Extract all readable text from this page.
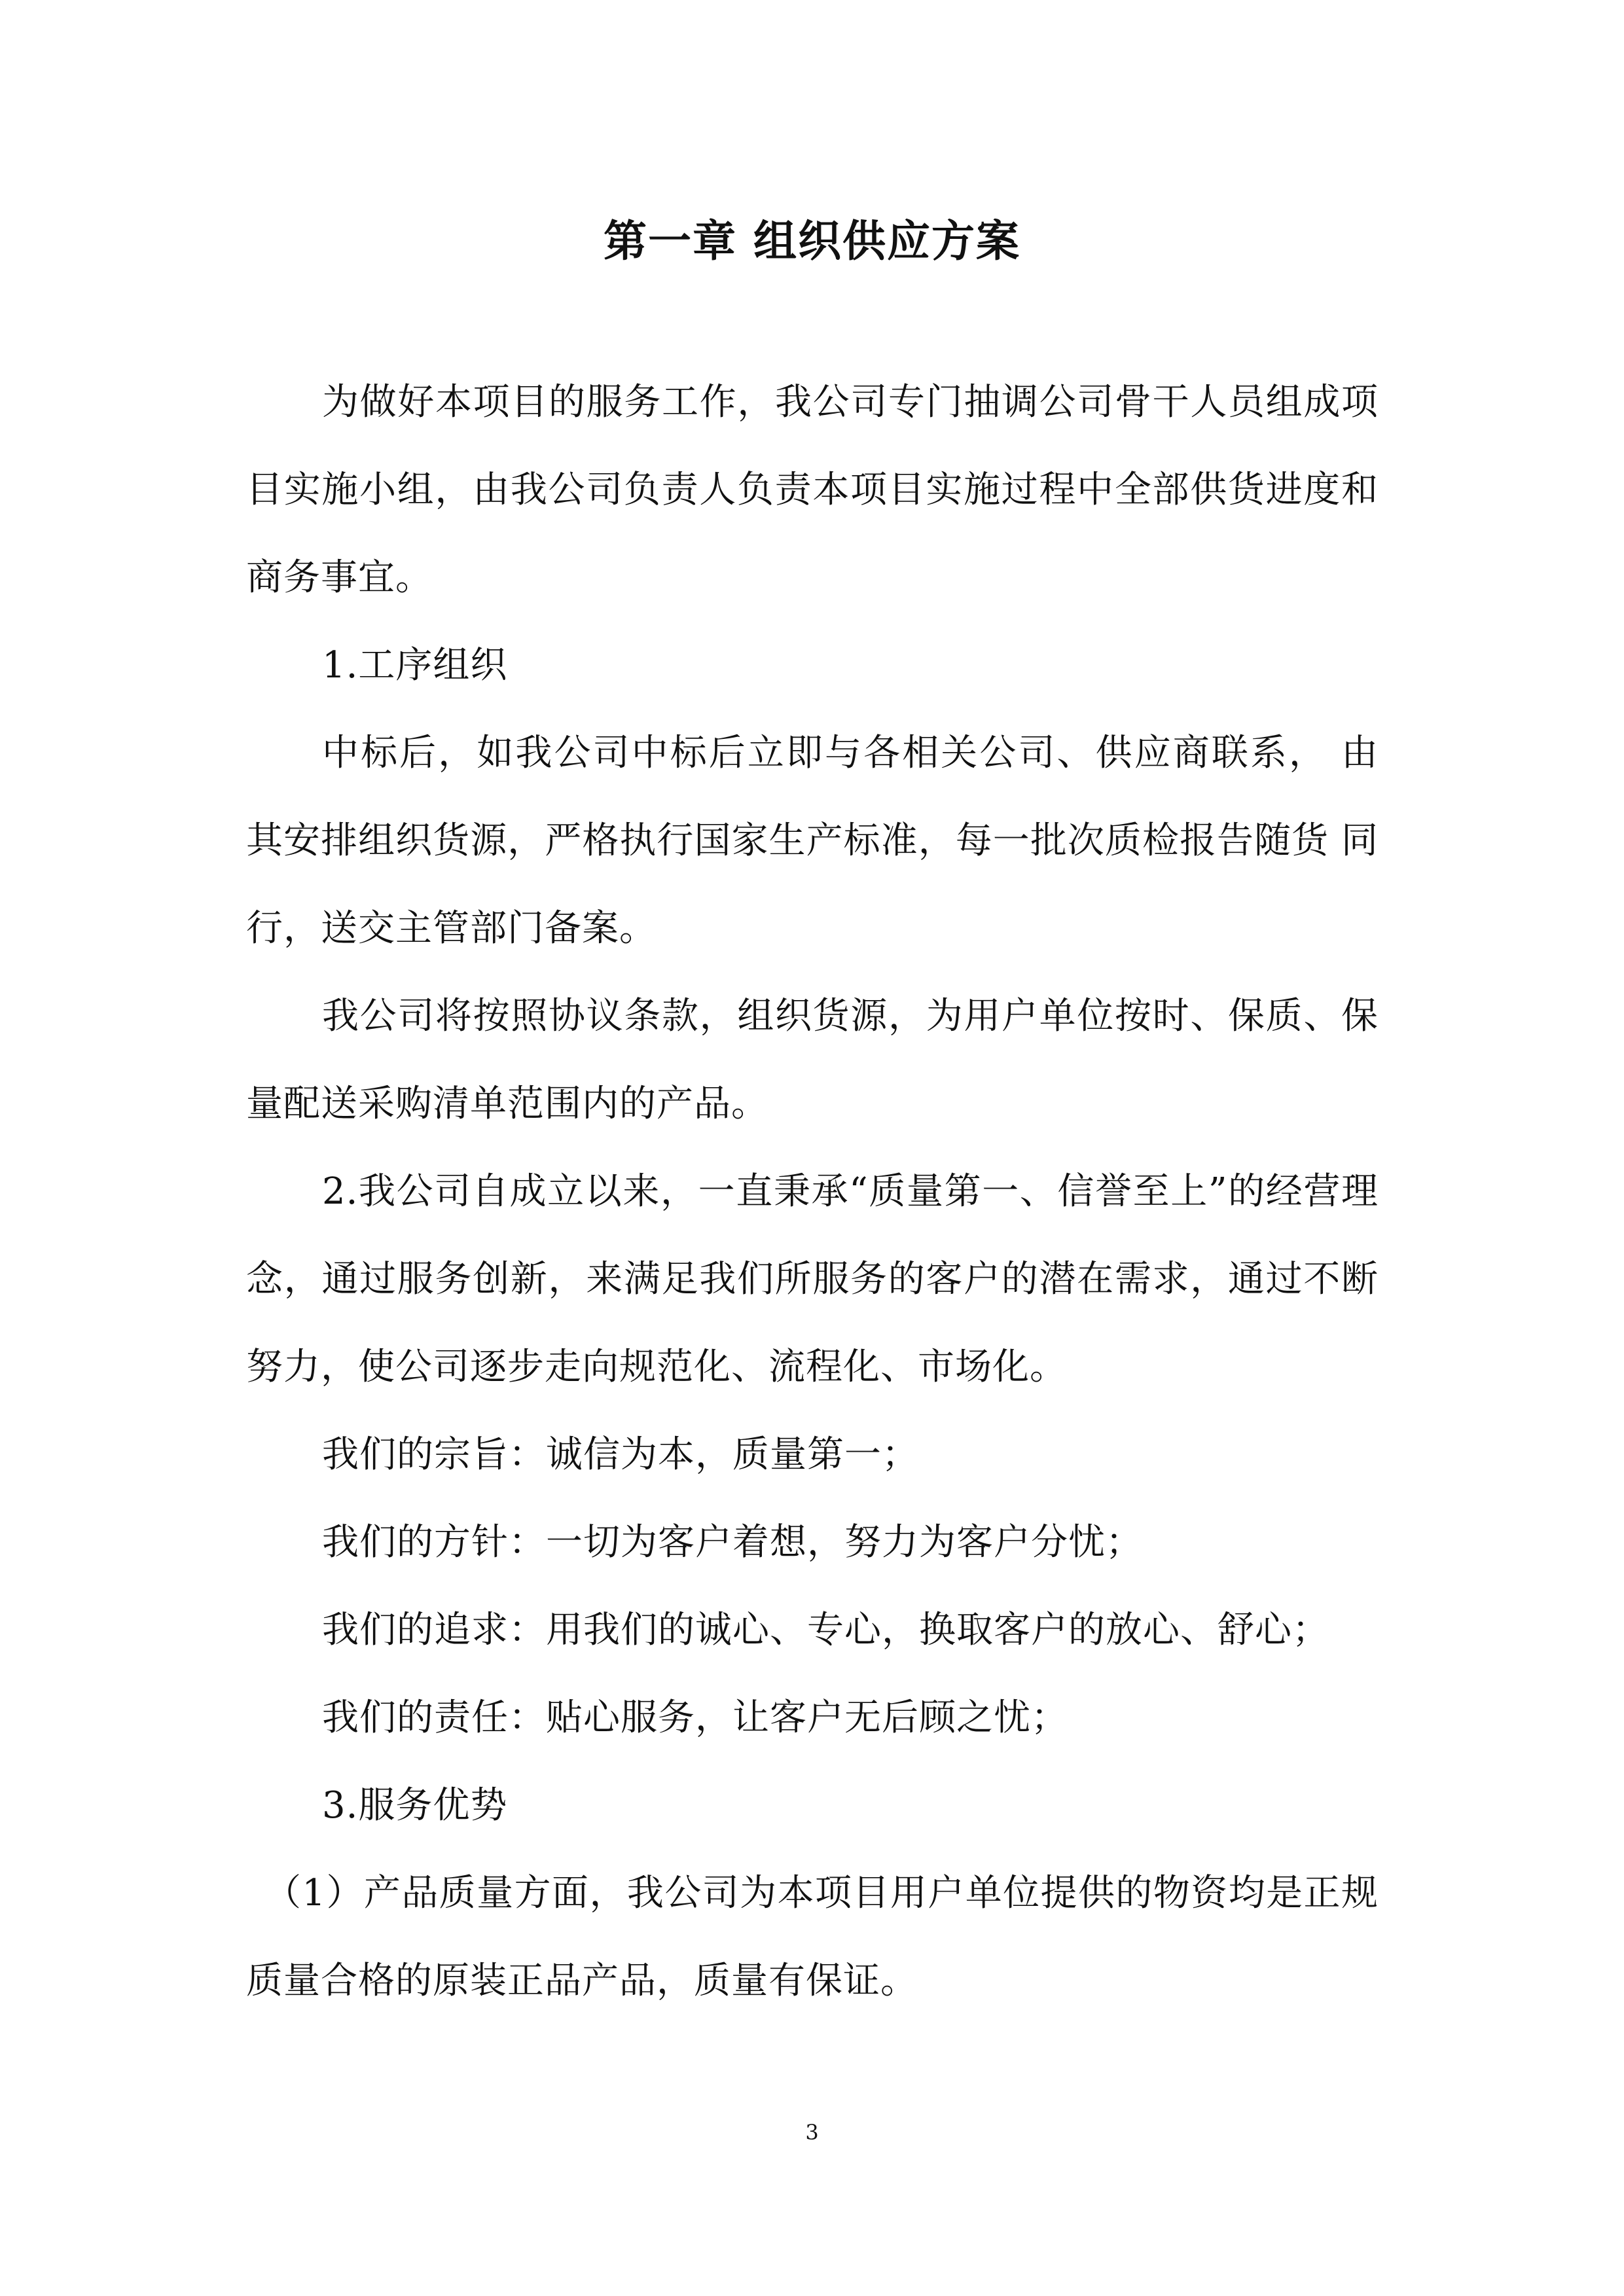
第一章 组织供应方案

为做好本项目的服务工作，我公司专门抽调公司骨干人员组成项目实施小组，由我公司负责人负责本项目实施过程中全部供货进度和商务事宜。

1.工序组织

中标后，如我公司中标后立即与各相关公司、供应商联系， 由其安排组织货源，严格执行国家生产标准，每一批次质检报告随货 同行，送交主管部门备案。

我公司将按照协议条款，组织货源，为用户单位按时、保质、保量配送采购清单范围内的产品。

2.我公司自成立以来，一直秉承“质量第一、信誉至上”的经营理念，通过服务创新，来满足我们所服务的客户的潜在需求，通过不断努力，使公司逐步走向规范化、流程化、市场化。

我们的宗旨：诚信为本，质量第一；

我们的方针：一切为客户着想，努力为客户分忧；

我们的追求：用我们的诚心、专心，换取客户的放心、舒心；

我们的责任：贴心服务，让客户无后顾之忧；

3.服务优势

（1）产品质量方面，我公司为本项目用户单位提供的物资均是正规质量合格的原装正品产品，质量有保证。

3
